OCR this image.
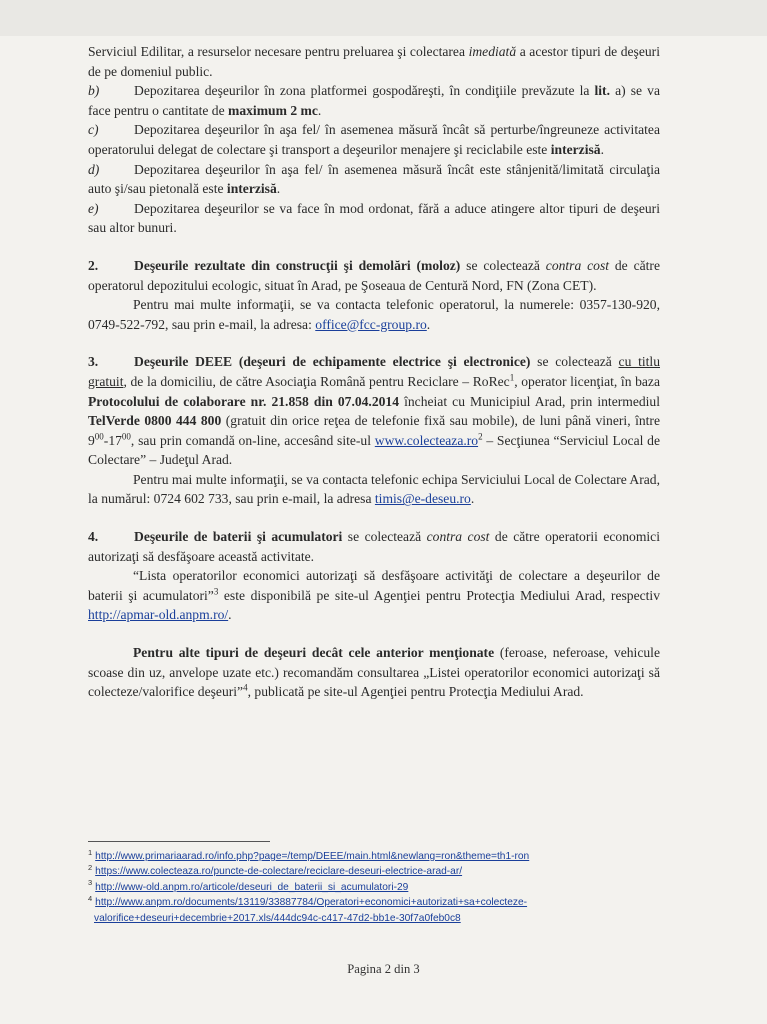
Serviciul Edilitar, a resurselor necesare pentru preluarea şi colectarea imediată a acestor tipuri de deşeuri de pe domeniul public.

b)	Depozitarea deşeurilor în zona platformei gospodăreşti, în condiţiile prevăzute la lit. a) se va face pentru o cantitate de maximum 2 mc.

c)	Depozitarea deşeurilor în aşa fel/ în asemenea măsură încât să perturbe/îngreuneze activitatea operatorului delegat de colectare şi transport a deşeurilor menajere şi reciclabile este interzisă.

d)	Depozitarea deşeurilor în aşa fel/ în asemenea măsură încât este stânjenită/limitată circulaţia auto şi/sau pietonală este interzisă.

e)	Depozitarea deşeurilor se va face în mod ordonat, fără a aduce atingere altor tipuri de deşeuri sau altor bunuri.

2.	Deşeurile rezultate din construcţii şi demolări (moloz) se colectează contra cost de către operatorul depozitului ecologic, situat în Arad, pe Şoseaua de Centură Nord, FN (Zona CET).

Pentru mai multe informaţii, se va contacta telefonic operatorul, la numerele: 0357-130-920, 0749-522-792, sau prin e-mail, la adresa: office@fcc-group.ro.

3.	Deşeurile DEEE (deşeuri de echipamente electrice şi electronice) se colectează cu titlu gratuit, de la domiciliu, de către Asociaţia Română pentru Reciclare – RoRec$^1$, operator licenţiat, în baza Protocolului de colaborare nr. 21.858 din 07.04.2014 încheiat cu Municipiul Arad, prin intermediul TelVerde 0800 444 800 (gratuit din orice reţea de telefonie fixă sau mobile), de luni până vineri, între $9^{00}-17^{00}$, sau prin comandă on-line, accesând site-ul $www.colecteaza.ro^2$ – Secţiunea “Serviciul Local de Colectare” – Judeţul Arad.

Pentru mai multe informaţii, se va contacta telefonic echipa Serviciului Local de Colectare Arad, la numărul: 0724 602 733, sau prin e-mail, la adresa timis@e-deseu.ro.

4.	Deşeurile de baterii şi acumulatori se colectează contra cost de către operatorii economici autorizaţi să desfăşoare această activitate.

“Lista operatorilor economici autorizaţi să desfăşoare activităţi de colectare a deşeurilor de baterii şi acumulatori”$^3$ este disponibilă pe site-ul Agenţiei pentru Protecţia Mediului Arad, respectiv http://apmar-old.anpm.ro/.

Pentru alte tipuri de deşeuri decât cele anterior menţionate (feroase, neferoase, vehicule scoase din uz, anvelope uzate etc.) recomandăm consultarea „Listei operatorilor economici autorizaţi să colecteze/valorifice deşeuri”$^4$, publicată pe site-ul Agenţiei pentru Protecţia Mediului Arad.

$^1$ http://www.primariaarad.ro/info.php?page=/temp/DEEE/main.html&newlang=ron&theme=th1-ron
$^2$ https://www.colecteaza.ro/puncte-de-colectare/reciclare-deseuri-electrice-arad-ar/
$^3$ http://www-old.anpm.ro/articole/deseuri_de_baterii_si_acumulatori-29
$^4$ http://www.anpm.ro/documents/13119/33887784/Operatori+economici+autorizati+sa+colecteze-
valorifice+deseuri+decembrie+2017.xls/444dc94c-c417-47d2-bb1e-30f7a0feb0c8
Pagina 2 din 3
